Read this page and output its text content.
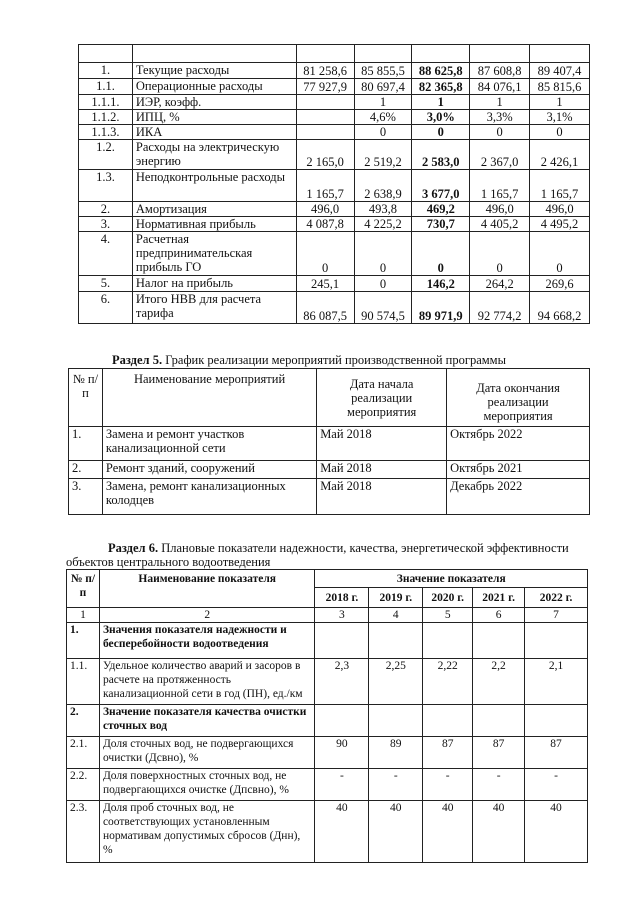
1.	Текущие расходы	81 258,6	85 855,5	88 625,8	87 608,8	89 407,4
1.1.	Операционные расходы	77 927,9	80 697,4	82 365,8	84 076,1	85 815,6
1.1.1.	ИЭР, коэфф.		1	1	1	1
1.1.2.	ИПЦ, %		4,6%	3,0%	3,3%	3,1%
1.1.3.	ИКА		0	0	0	0
1.2.	Расходы на электрическую энергию	2 165,0	2 519,2	2 583,0	2 367,0	2 426,1
1.3.	Неподконтрольные расходы	1 165,7	2 638,9	3 677,0	1 165,7	1 165,7
2.	Амортизация	496,0	493,8	469,2	496,0	496,0
3.	Нормативная прибыль	4 087,8	4 225,2	730,7	4 405,2	4 495,2
4.	Расчетная предпринимательская прибыль ГО	0	0	0	0	0
5.	Налог на прибыль	245,1	0	146,2	264,2	269,6
6.	Итого НВВ для расчета тарифа	86 087,5	90 574,5	89 971,9	92 774,2	94 668,2
Раздел 5. График реализации мероприятий производственной программы
№ п/п	Наименование мероприятий	Дата начала реализации мероприятия	Дата окончания реализации мероприятия
1.	Замена и ремонт участков канализационной сети	Май 2018	Октябрь 2022
2.	Ремонт зданий, сооружений	Май 2018	Октябрь 2021
3.	Замена, ремонт канализационных колодцев	Май 2018	Декабрь 2022
Раздел 6. Плановые показатели надежности, качества, энергетической эффективности объектов центрального водоотведения
№ п/п	Наименование показателя	Значение показателя				
		2018 г.	2019 г.	2020 г.	2021 г.	2022 г.
1	2	3	4	5	6	7
1.	Значения показателя надежности и бесперебойности водоотведения					
1.1.	Удельное количество аварий и засоров в расчете на протяженность канализационной сети в год (ПН), ед./км	2,3	2,25	2,22	2,2	2,1
2.	Значение показателя качества очистки сточных вод					
2.1.	Доля сточных вод, не подвергающихся очистки (Дсвно), %	90	89	87	87	87
2.2.	Доля поверхностных сточных вод, не подвергающихся очистке (Дпсвно), %	-	-	-	-	-
2.3.	Доля проб сточных вод, не соответствующих установленным нормативам допустимых сбросов (Днн), %	40	40	40	40	40
